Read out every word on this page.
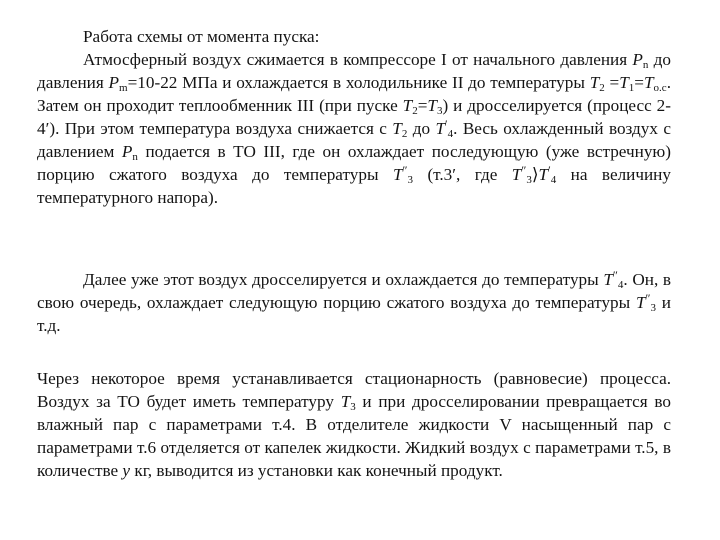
Работа схемы от момента пуска:
Атмосферный воздух сжимается в компрессоре I от начального давления $P_n$ до давления $P_m=10-22$ МПа и охлаждается в холодильнике II до температуры $T_2 =T_1=T_{о.с}$. Затем он проходит теплообменник III (при пуске $T_2=T_3$) и дросселируется (процесс 2-4′). При этом температура воздуха снижается с $T_2$ до $T'_4$. Весь охлажденный воздух с давлением $P_n$ подается в ТО III, где он охлаждает последующую (уже встречную) порцию сжатого воздуха до температуры $T''_3$ (т.3′, где $T''_3⟩T'_4$ на величину температурного напора).
Далее уже этот воздух дросселируется и охлаждается до температуры $T''_4$. Он, в свою очередь, охлаждает следующую порцию сжатого воздуха до температуры $T''_3$ и т.д.
Через некоторое время устанавливается стационарность (равновесие) процесса. Воздух за ТО будет иметь температуру $T_3$ и при дросселировании превращается во влажный пар с параметрами т.4. В отделителе жидкости V насыщенный пар с параметрами т.6 отделяется от капелек жидкости. Жидкий воздух с параметрами т.5, в количестве y кг, выводится из установки как конечный продукт.
